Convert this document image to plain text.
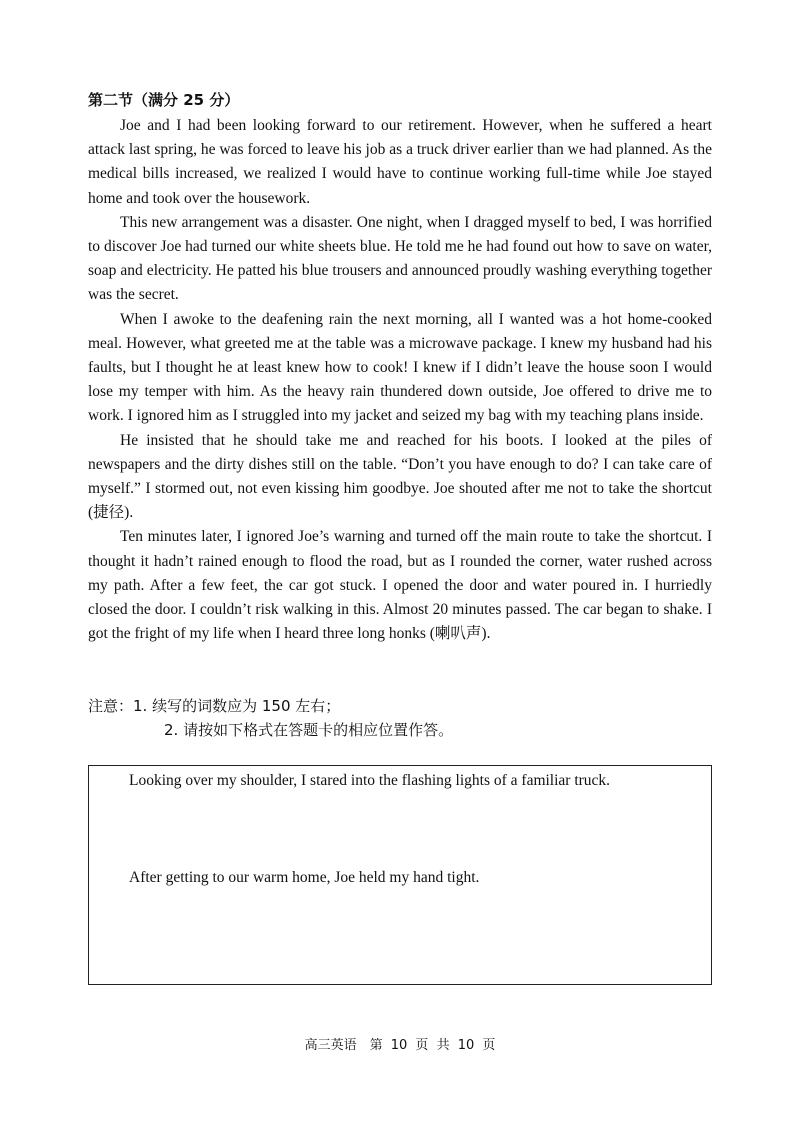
第二节（满分 25 分）

Joe and I had been looking forward to our retirement. However, when he suffered a heart attack last spring, he was forced to leave his job as a truck driver earlier than we had planned. As the medical bills increased, we realized I would have to continue working full-time while Joe stayed home and took over the housework.

This new arrangement was a disaster. One night, when I dragged myself to bed, I was horrified to discover Joe had turned our white sheets blue. He told me he had found out how to save on water, soap and electricity. He patted his blue trousers and announced proudly washing everything together was the secret.

When I awoke to the deafening rain the next morning, all I wanted was a hot home-cooked meal. However, what greeted me at the table was a microwave package. I knew my husband had his faults, but I thought he at least knew how to cook! I knew if I didn’t leave the house soon I would lose my temper with him. As the heavy rain thundered down outside, Joe offered to drive me to work. I ignored him as I struggled into my jacket and seized my bag with my teaching plans inside.

He insisted that he should take me and reached for his boots. I looked at the piles of newspapers and the dirty dishes still on the table. “Don’t you have enough to do? I can take care of myself.” I stormed out, not even kissing him goodbye. Joe shouted after me not to take the shortcut (捷径).

Ten minutes later, I ignored Joe’s warning and turned off the main route to take the shortcut. I thought it hadn’t rained enough to flood the road, but as I rounded the corner, water rushed across my path. After a few feet, the car got stuck. I opened the door and water poured in. I hurriedly closed the door. I couldn’t risk walking in this. Almost 20 minutes passed. The car began to shake. I got the fright of my life when I heard three long honks (喇叭声).

注意： 1. 续写的词数应为 150 左右；
2. 请按如下格式在答题卡的相应位置作答。
Looking over my shoulder, I stared into the flashing lights of a familiar truck.
After getting to our warm home, Joe held my hand tight.
高三英语　第 10 页 共 10 页
